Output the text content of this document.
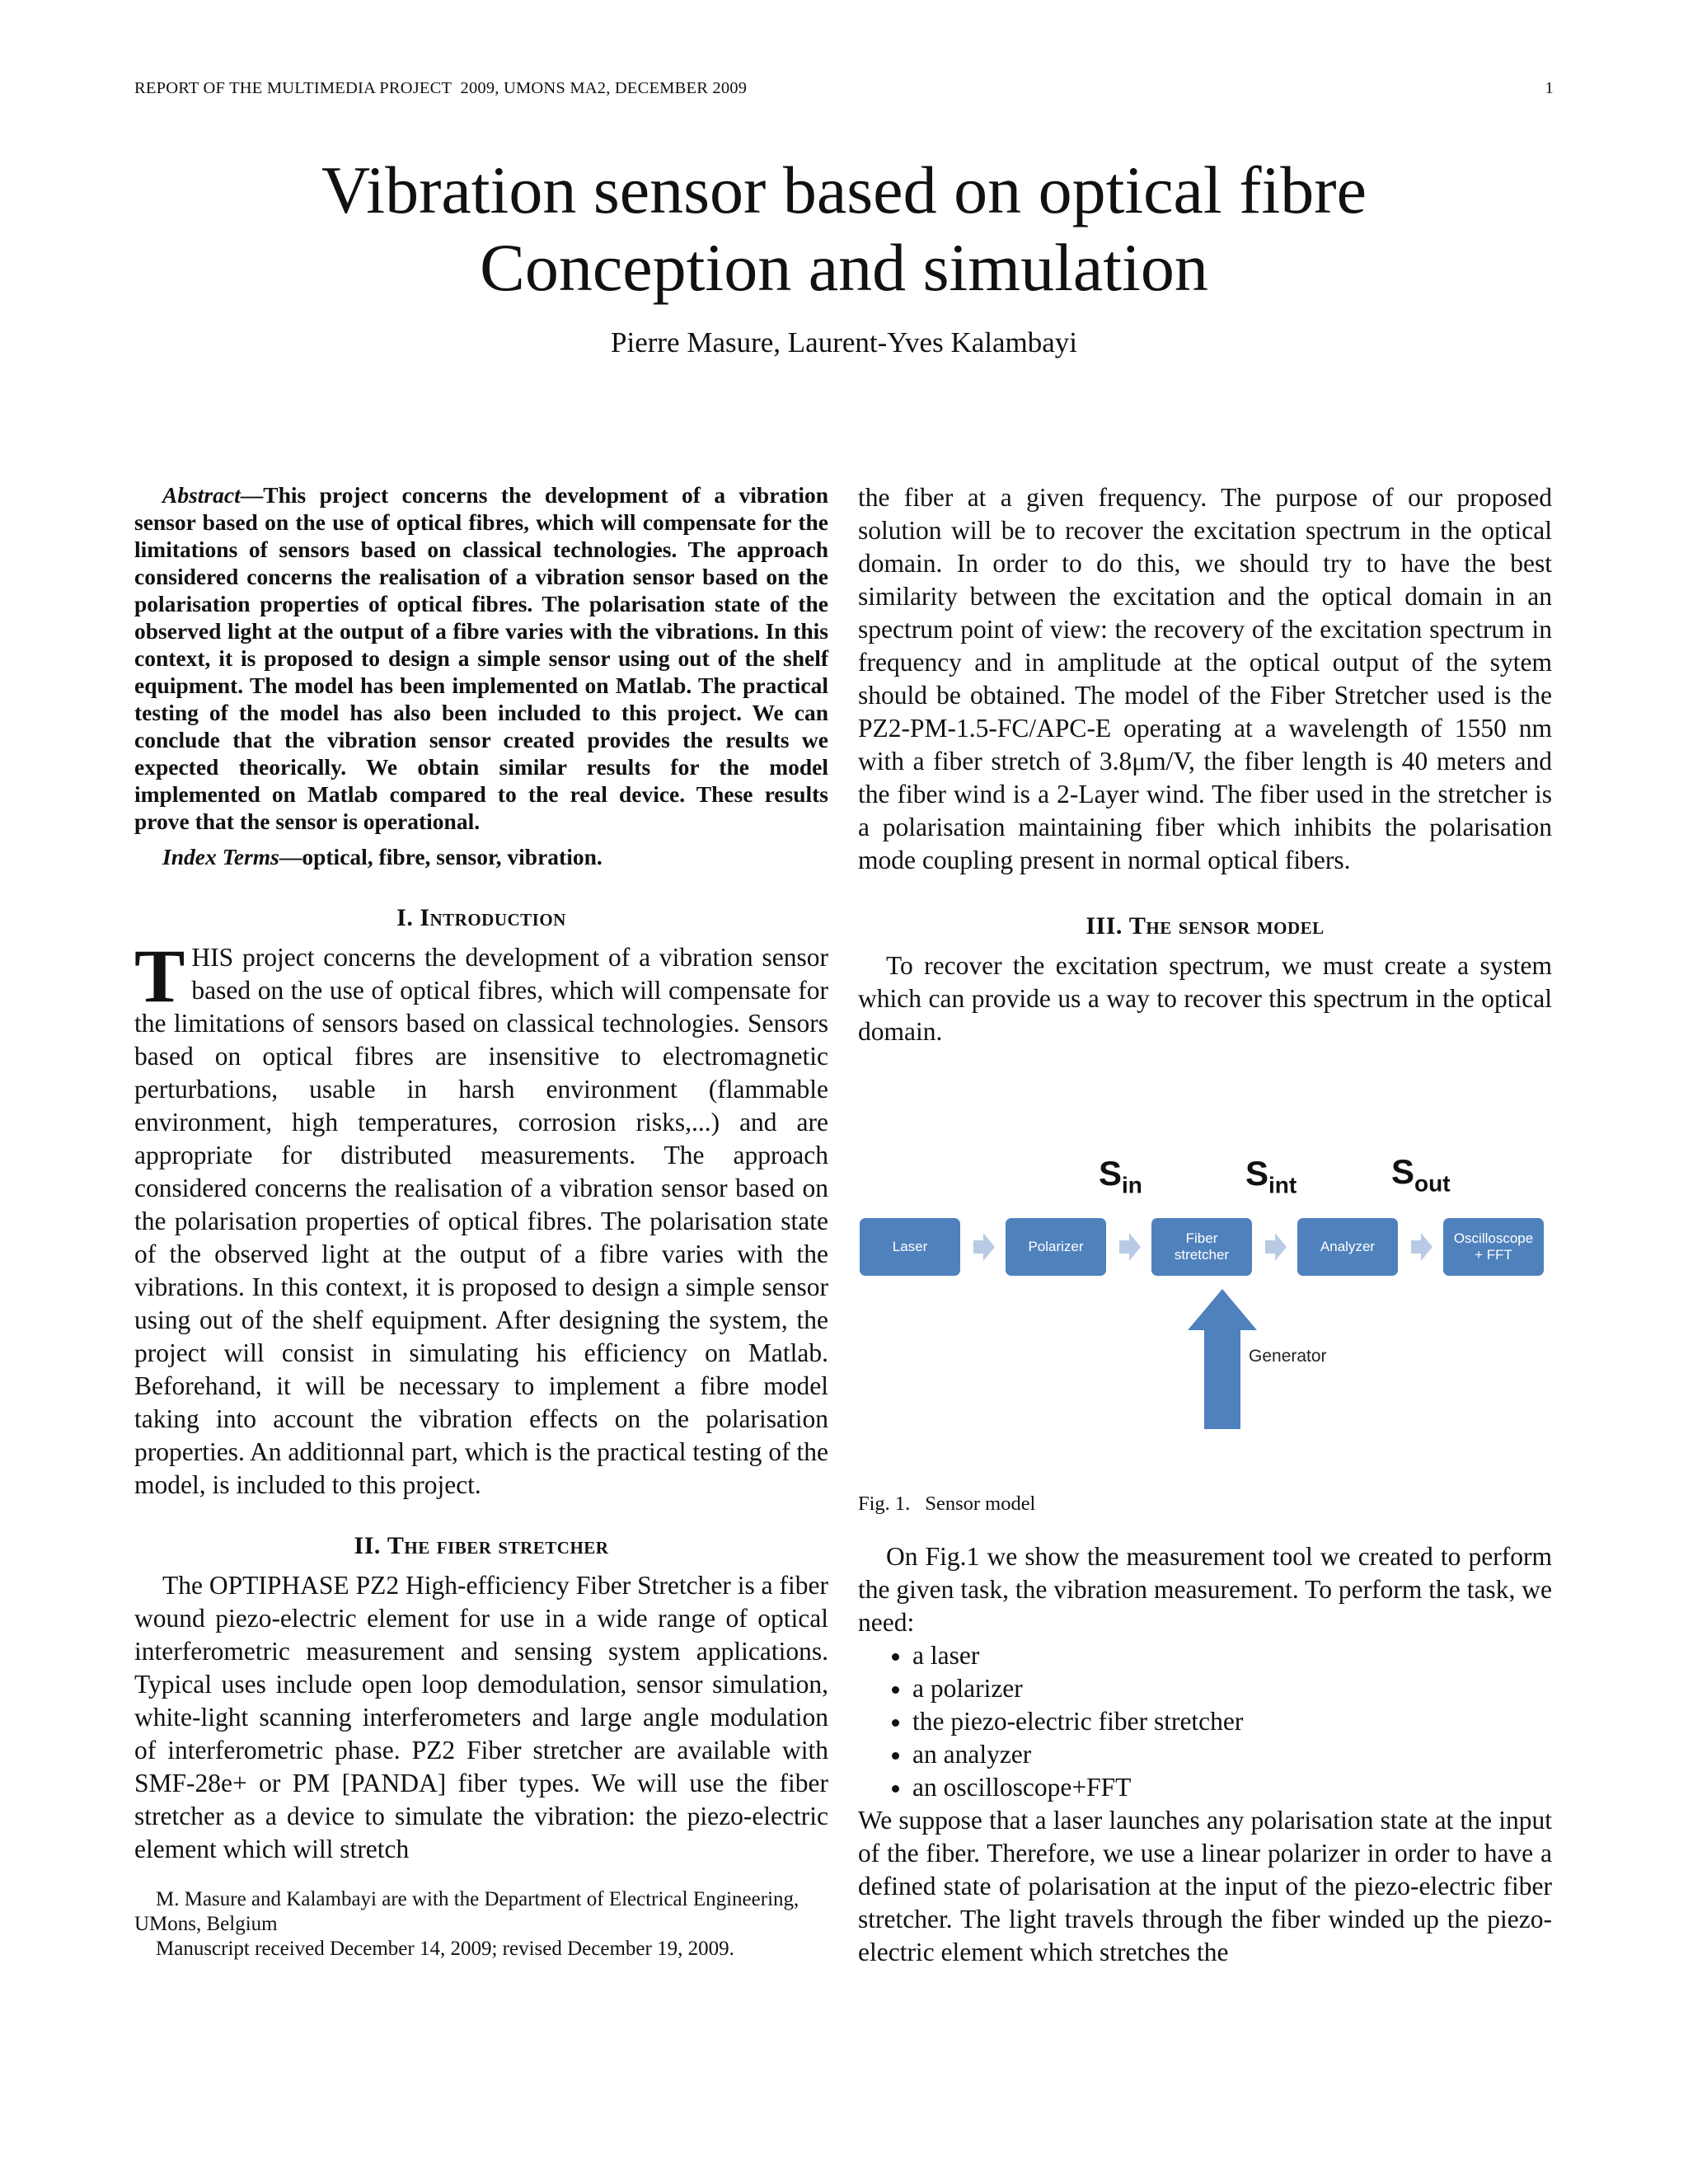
REPORT OF THE MULTIMEDIA PROJECT  2009, UMONS MA2, DECEMBER 2009	1
Vibration sensor based on optical fibre
Conception and simulation
Pierre Masure, Laurent-Yves Kalambayi

Abstract—This project concerns the development of a vibration sensor based on the use of optical fibres, which will compensate for the limitations of sensors based on classical technologies. The approach considered concerns the realisation of a vibration sensor based on the polarisation properties of optical fibres. The polarisation state of the observed light at the output of a fibre varies with the vibrations. In this context, it is proposed to design a simple sensor using out of the shelf equipment. The model has been implemented on Matlab. The practical testing of the model has also been included to this project. We can conclude that the vibration sensor created provides the results we expected theorically. We obtain similar results for the model implemented on Matlab compared to the real device. These results prove that the sensor is operational.

Index Terms—optical, fibre, sensor, vibration.

I. Introduction

THIS project concerns the development of a vibration sensor based on the use of optical fibres, which will compensate for the limitations of sensors based on classical technologies. Sensors based on optical fibres are insensitive to electromagnetic perturbations, usable in harsh environment (flammable environment, high temperatures, corrosion risks,...) and are appropriate for distributed measurements. The approach considered concerns the realisation of a vibration sensor based on the polarisation properties of optical fibres. The polarisation state of the observed light at the output of a fibre varies with the vibrations. In this context, it is proposed to design a simple sensor using out of the shelf equipment. After designing the system, the project will consist in simulating his efficiency on Matlab. Beforehand, it will be necessary to implement a fibre model taking into account the vibration effects on the polarisation properties. An additionnal part, which is the practical testing of the model, is included to this project.

II. The fiber stretcher

The OPTIPHASE PZ2 High-efficiency Fiber Stretcher is a fiber wound piezo-electric element for use in a wide range of optical interferometric measurement and sensing system applications. Typical uses include open loop demodulation, sensor simulation, white-light scanning interferometers and large angle modulation of interferometric phase. PZ2 Fiber stretcher are available with SMF-28e+ or PM [PANDA] fiber types. We will use the fiber stretcher as a device to simulate the vibration: the piezo-electric element which will stretch

M. Masure and Kalambayi are with the Department of Electrical Engineering, UMons, Belgium

Manuscript received December 14, 2009; revised December 19, 2009.

the fiber at a given frequency. The purpose of our proposed solution will be to recover the excitation spectrum in the optical domain. In order to do this, we should try to have the best similarity between the excitation and the optical domain in an spectrum point of view: the recovery of the excitation spectrum in frequency and in amplitude at the optical output of the sytem should be obtained. The model of the Fiber Stretcher used is the PZ2-PM-1.5-FC/APC-E operating at a wavelength of 1550 nm with a fiber stretch of 3.8μm/V, the fiber length is 40 meters and the fiber wind is a 2-Layer wind. The fiber used in the stretcher is a polarisation maintaining fiber which inhibits the polarisation mode coupling present in normal optical fibers.

III. The sensor model

To recover the excitation spectrum, we must create a system which can provide us a way to recover this spectrum in the optical domain.

Laser	Polarizer
Fiber stretcher
Analyzer
Oscilloscope + FFT
$S_{in}$	$S_{int}$	$S_{out}$
Generator

Fig. 1. Sensor model

On Fig.1 we show the measurement tool we created to perform the given task, the vibration measurement. To perform the task, we need:

• a laser
• a polarizer
• the piezo-electric fiber stretcher
• an analyzer
• an oscilloscope+FFT

We suppose that a laser launches any polarisation state at the input of the fiber. Therefore, we use a linear polarizer in order to have a defined state of polarisation at the input of the piezo-electric fiber stretcher. The light travels through the fiber winded up the piezo-electric element which stretches the
